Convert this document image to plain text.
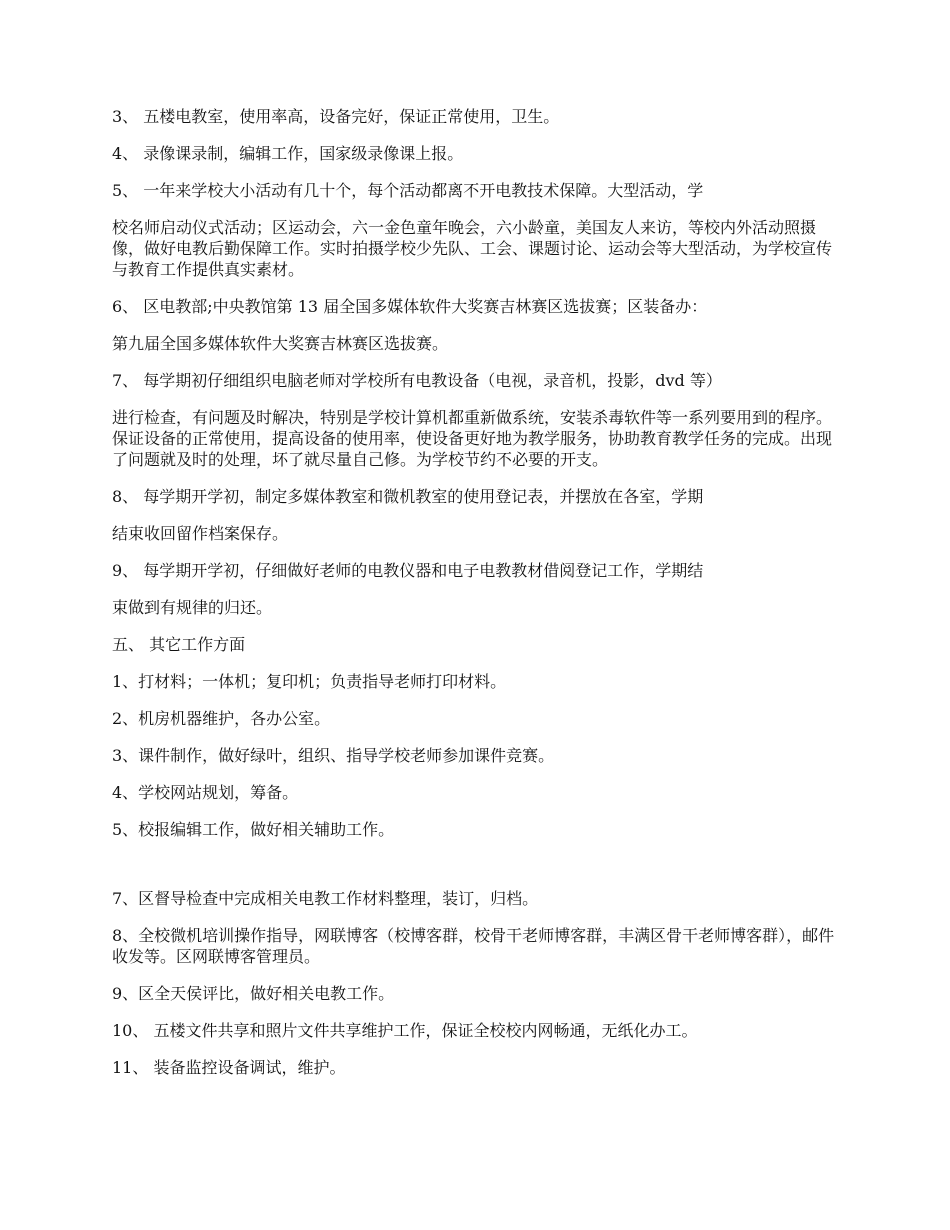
3、 五楼电教室，使用率高，设备完好，保证正常使用，卫生。

4、 录像课录制，编辑工作，国家级录像课上报。

5、 一年来学校大小活动有几十个，每个活动都离不开电教技术保障。大型活动，学

校名师启动仪式活动；区运动会，六一金色童年晚会，六小龄童，美国友人来访，等校内外活动照摄像，做好电教后勤保障工作。实时拍摄学校少先队、工会、课题讨论、运动会等大型活动，为学校宣传与教育工作提供真实素材。

6、 区电教部;中央教馆第 13 届全国多媒体软件大奖赛吉林赛区选拔赛；区装备办：

第九届全国多媒体软件大奖赛吉林赛区选拔赛。

7、 每学期初仔细组织电脑老师对学校所有电教设备（电视，录音机，投影，dvd 等）

进行检查，有问题及时解决，特别是学校计算机都重新做系统，安装杀毒软件等一系列要用到的程序。保证设备的正常使用，提高设备的使用率，使设备更好地为教学服务，协助教育教学任务的完成。出现了问题就及时的处理，坏了就尽量自己修。为学校节约不必要的开支。

8、 每学期开学初，制定多媒体教室和微机教室的使用登记表，并摆放在各室，学期

结束收回留作档案保存。

9、 每学期开学初，仔细做好老师的电教仪器和电子电教教材借阅登记工作，学期结

束做到有规律的归还。

五、 其它工作方面

1、打材料；一体机；复印机；负责指导老师打印材料。

2、机房机器维护，各办公室。

3、课件制作，做好绿叶，组织、指导学校老师参加课件竞赛。

4、学校网站规划，筹备。

5、校报编辑工作，做好相关辅助工作。

7、区督导检查中完成相关电教工作材料整理，装订，归档。

8、全校微机培训操作指导，网联博客（校博客群，校骨干老师博客群，丰满区骨干老师博客群），邮件收发等。区网联博客管理员。

9、区全天侯评比，做好相关电教工作。

10、 五楼文件共享和照片文件共享维护工作，保证全校校内网畅通，无纸化办工。

11、 装备监控设备调试，维护。
